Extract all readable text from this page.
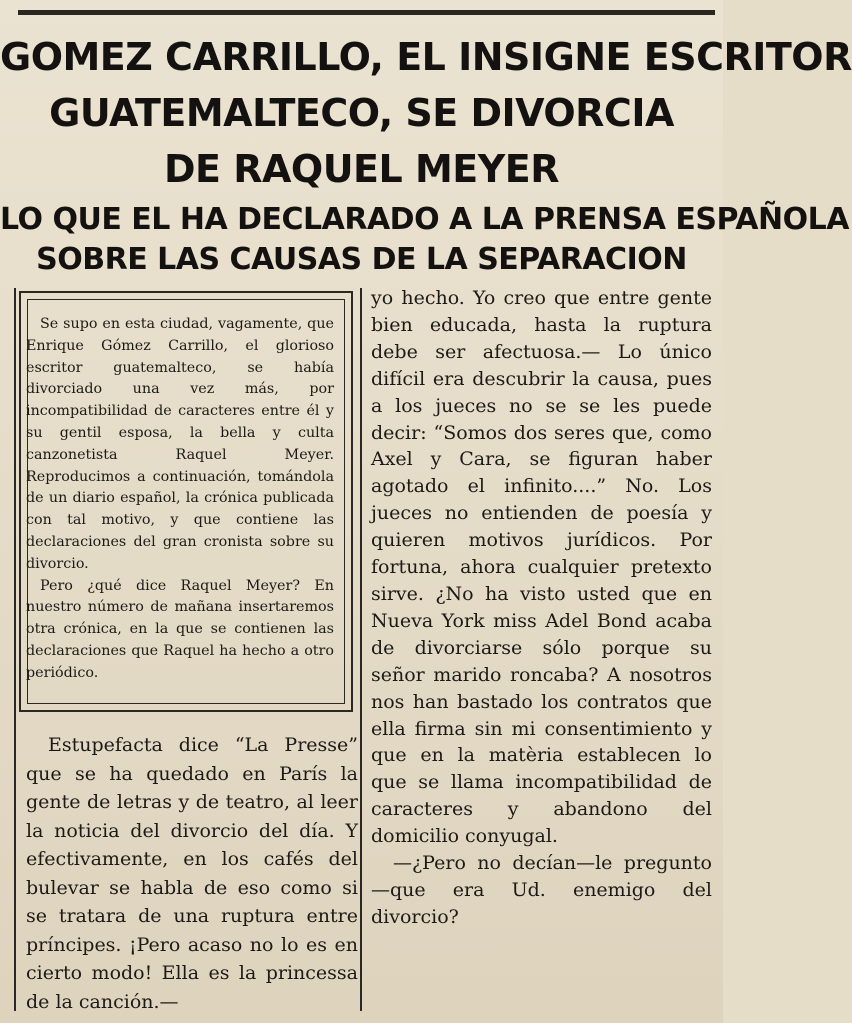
GOMEZ CARRILLO, EL INSIGNE ESCRITOR
GUATEMALTECO, SE DIVORCIA
DE RAQUEL MEYER
LO QUE EL HA DECLARADO A LA PRENSA ESPAÑOLA
SOBRE LAS CAUSAS DE LA SEPARACION

Se supo en esta ciudad, vagamente, que Enrique Gómez Carrillo, el glorioso escritor guatemalteco, se había divorciado una vez más, por incompatibilidad de caracteres entre él y su gentil esposa, la bella y culta canzonetista Raquel Meyer. Reproducimos a continuación, tomándola de un diario español, la crónica publicada con tal motivo, y que contiene las declaraciones del gran cronista sobre su divorcio.

Pero ¿qué dice Raquel Meyer? En nuestro número de mañana insertaremos otra crónica, en la que se contienen las declaraciones que Raquel ha hecho a otro periódico.

Estupefacta dice “La Presse” que se ha quedado en París la gente de letras y de teatro, al leer la noticia del divorcio del día. Y efectivamente, en los cafés del bulevar se habla de eso como si se tratara de una ruptura entre príncipes. ¡Pero acaso no lo es en cierto modo! Ella es la princessa de la canción.—

yo hecho. Yo creo que entre gente bien educada, hasta la ruptura debe ser afectuosa.— Lo único difícil era descubrir la causa, pues a los jueces no se se les puede decir: “Somos dos seres que, como Axel y Cara, se figuran haber agotado el infinito....” No. Los jueces no entienden de poesía y quieren motivos jurídicos. Por fortuna, ahora cualquier pretexto sirve. ¿No ha visto usted que en Nueva York miss Adel Bond acaba de divorciarse sólo porque su señor marido roncaba? A nosotros nos han bastado los contratos que ella firma sin mi consentimiento y que en la matèria establecen lo que se llama incompatibilidad de caracteres y abandono del domicilio conyugal.

—¿Pero no decían—le pregunto—que era Ud. enemigo del divorcio?
